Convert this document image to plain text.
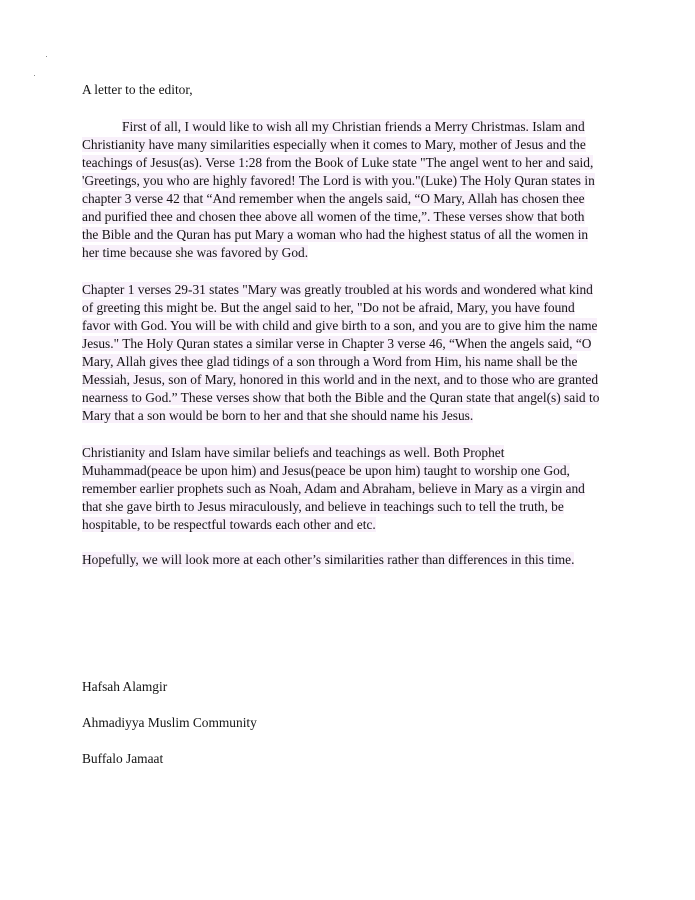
A letter to the editor,
First of all, I would like to wish all my Christian friends a Merry Christmas. Islam and
Christianity have many similarities especially when it comes to Mary, mother of Jesus and the
teachings of Jesus(as). Verse 1:28 from the Book of Luke state "The angel went to her and said,
'Greetings, you who are highly favored! The Lord is with you."(Luke) The Holy Quran states in
chapter 3 verse 42 that “And remember when the angels said, “O Mary, Allah has chosen thee
and purified thee and chosen thee above all women of the time,”. These verses show that both
the Bible and the Quran has put Mary a woman who had the highest status of all the women in
her time because she was favored by God.
Chapter 1 verses 29-31 states "Mary was greatly troubled at his words and wondered what kind
of greeting this might be. But the angel said to her, "Do not be afraid, Mary, you have found
favor with God. You will be with child and give birth to a son, and you are to give him the name
Jesus." The Holy Quran states a similar verse in Chapter 3 verse 46, “When the angels said, “O
Mary, Allah gives thee glad tidings of a son through a Word from Him, his name shall be the
Messiah, Jesus, son of Mary, honored in this world and in the next, and to those who are granted
nearness to God.” These verses show that both the Bible and the Quran state that angel(s) said to
Mary that a son would be born to her and that she should name his Jesus.
Christianity and Islam have similar beliefs and teachings as well. Both Prophet
Muhammad(peace be upon him) and Jesus(peace be upon him) taught to worship one God,
remember earlier prophets such as Noah, Adam and Abraham, believe in Mary as a virgin and
that she gave birth to Jesus miraculously, and believe in teachings such to tell the truth, be
hospitable, to be respectful towards each other and etc.
Hopefully, we will look more at each other’s similarities rather than differences in this time.
Hafsah Alamgir
Ahmadiyya Muslim Community
Buffalo Jamaat
